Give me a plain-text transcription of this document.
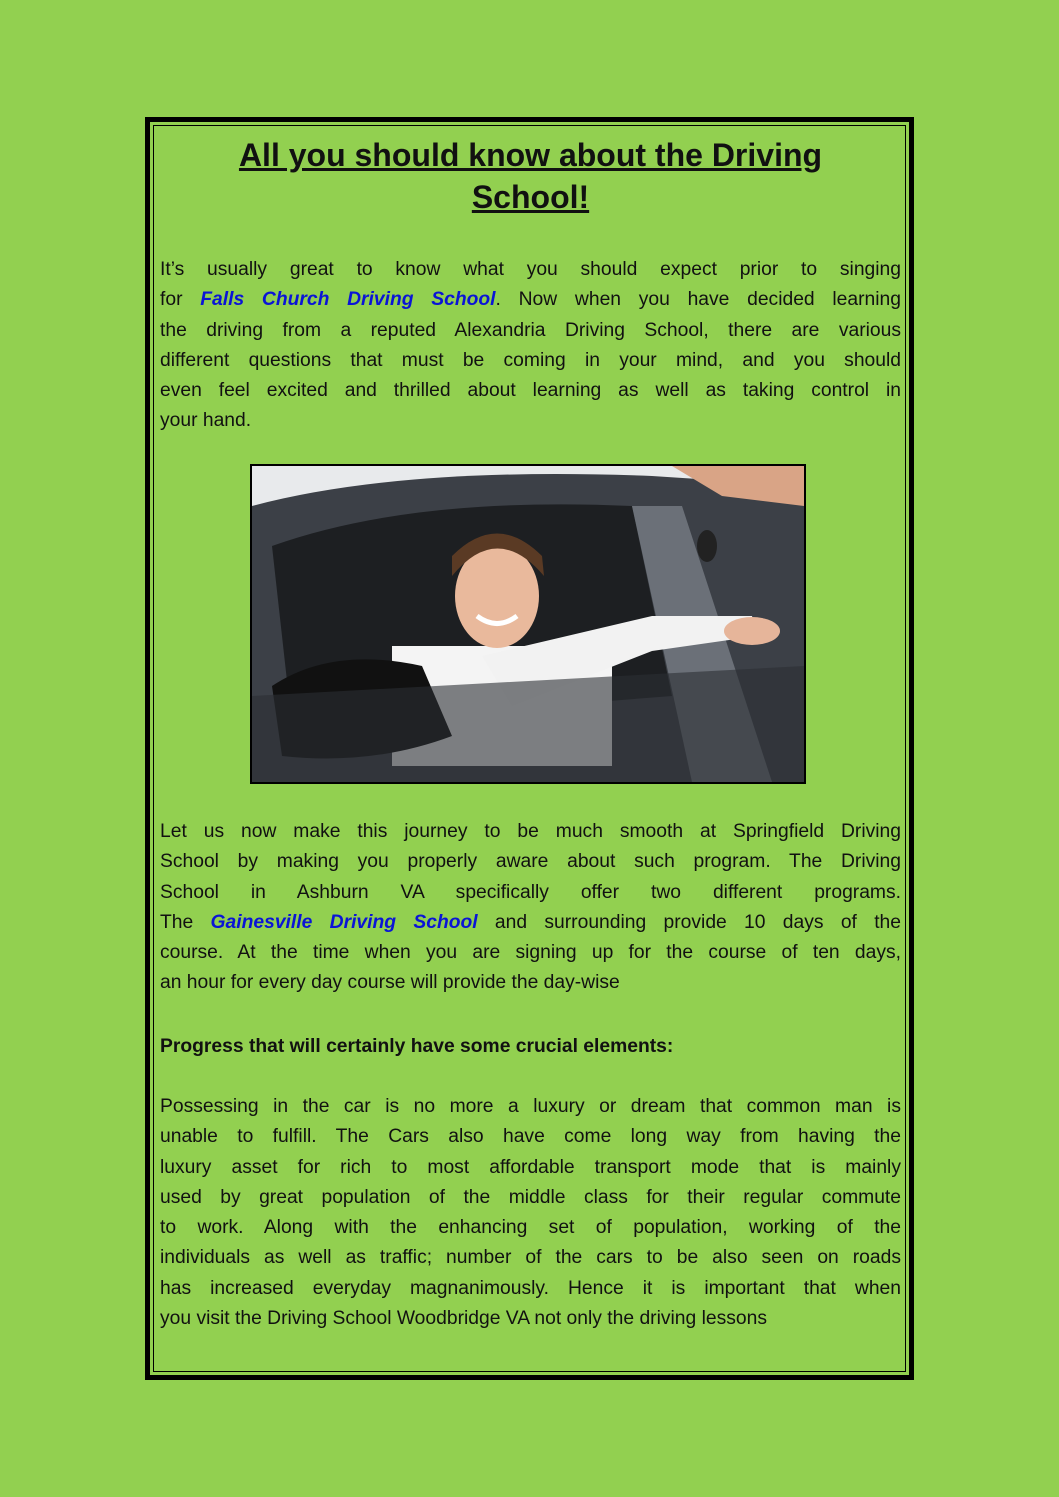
All you should know about the Driving
School!
It’s usually great to know what you should expect prior to singing
for Falls Church Driving School. Now when you have decided learning
the driving from a reputed Alexandria Driving School, there are various
different questions that must be coming in your mind, and you should
even feel excited and thrilled about learning as well as taking control in
your hand.
Let us now make this journey to be much smooth at Springfield Driving
School by making you properly aware about such program. The Driving
School in Ashburn VA specifically offer two different programs.
The Gainesville Driving School and surrounding provide 10 days of the
course. At the time when you are signing up for the course of ten days,
an hour for every day course will provide the day-wise
Progress that will certainly have some crucial elements:
Possessing in the car is no more a luxury or dream that common man is
unable to fulfill. The Cars also have come long way from having the
luxury asset for rich to most affordable transport mode that is mainly
used by great population of the middle class for their regular commute
to work. Along with the enhancing set of population, working of the
individuals as well as traffic; number of the cars to be also seen on roads
has increased everyday magnanimously. Hence it is important that when
you visit the Driving School Woodbridge VA not only the driving lessons
